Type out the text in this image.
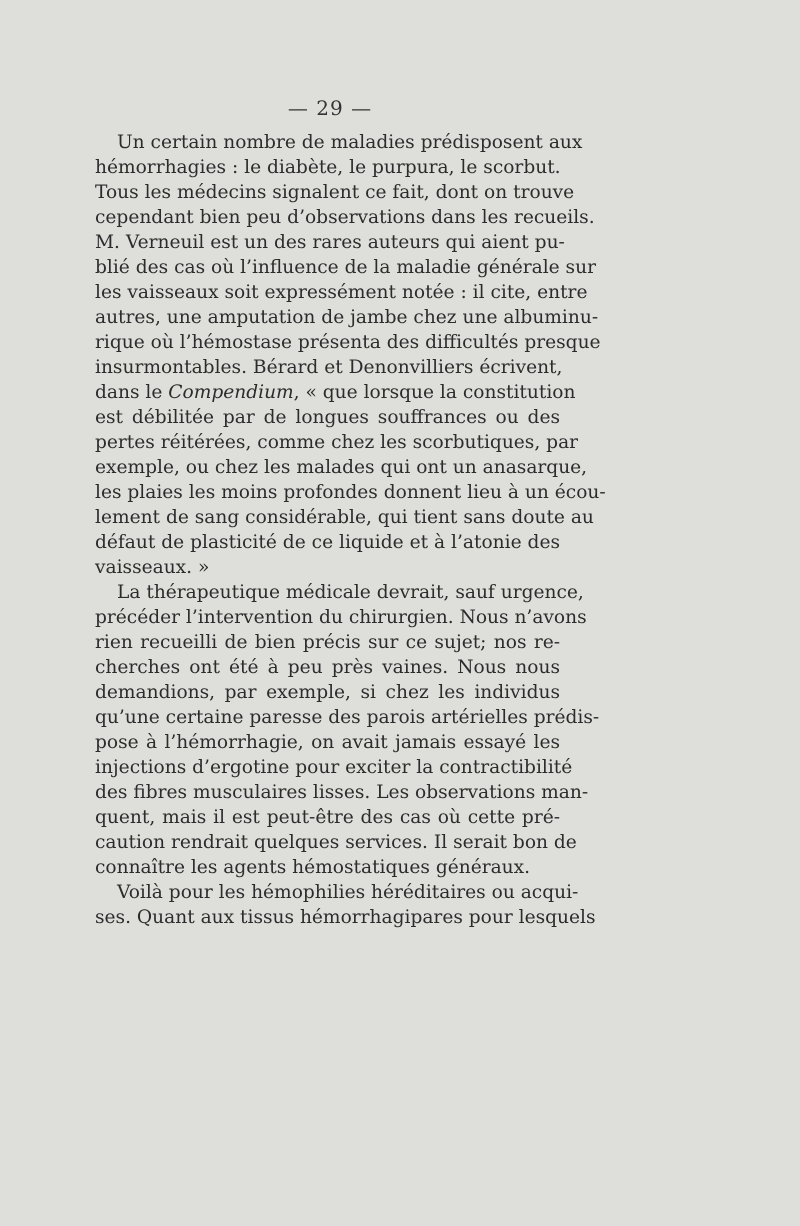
— 29 —
Un certain nombre de maladies prédisposent aux
hémorrhagies : le diabète, le purpura, le scorbut.
Tous les médecins signalent ce fait, dont on trouve
cependant bien peu d’observations dans les recueils.
M. Verneuil est un des rares auteurs qui aient pu-
blié des cas où l’influence de la maladie générale sur
les vaisseaux soit expressément notée : il cite, entre
autres, une amputation de jambe chez une albuminu-
rique où l’hémostase présenta des difficultés presque
insurmontables. Bérard et Denonvilliers écrivent,
dans le Compendium, « que lorsque la constitution
est débilitée par de longues souffrances ou des
pertes réitérées, comme chez les scorbutiques, par
exemple, ou chez les malades qui ont un anasarque,
les plaies les moins profondes donnent lieu à un écou-
lement de sang considérable, qui tient sans doute au
défaut de plasticité de ce liquide et à l’atonie des
vaisseaux. »
La thérapeutique médicale devrait, sauf urgence,
précéder l’intervention du chirurgien. Nous n’avons
rien recueilli de bien précis sur ce sujet; nos re-
cherches ont été à peu près vaines. Nous nous
demandions, par exemple, si chez les individus
qu’une certaine paresse des parois artérielles prédis-
pose à l’hémorrhagie, on avait jamais essayé les
injections d’ergotine pour exciter la contractibilité
des fibres musculaires lisses. Les observations man-
quent, mais il est peut-être des cas où cette pré-
caution rendrait quelques services. Il serait bon de
connaître les agents hémostatiques généraux.
Voilà pour les hémophilies héréditaires ou acqui-
ses. Quant aux tissus hémorrhagipares pour lesquels
